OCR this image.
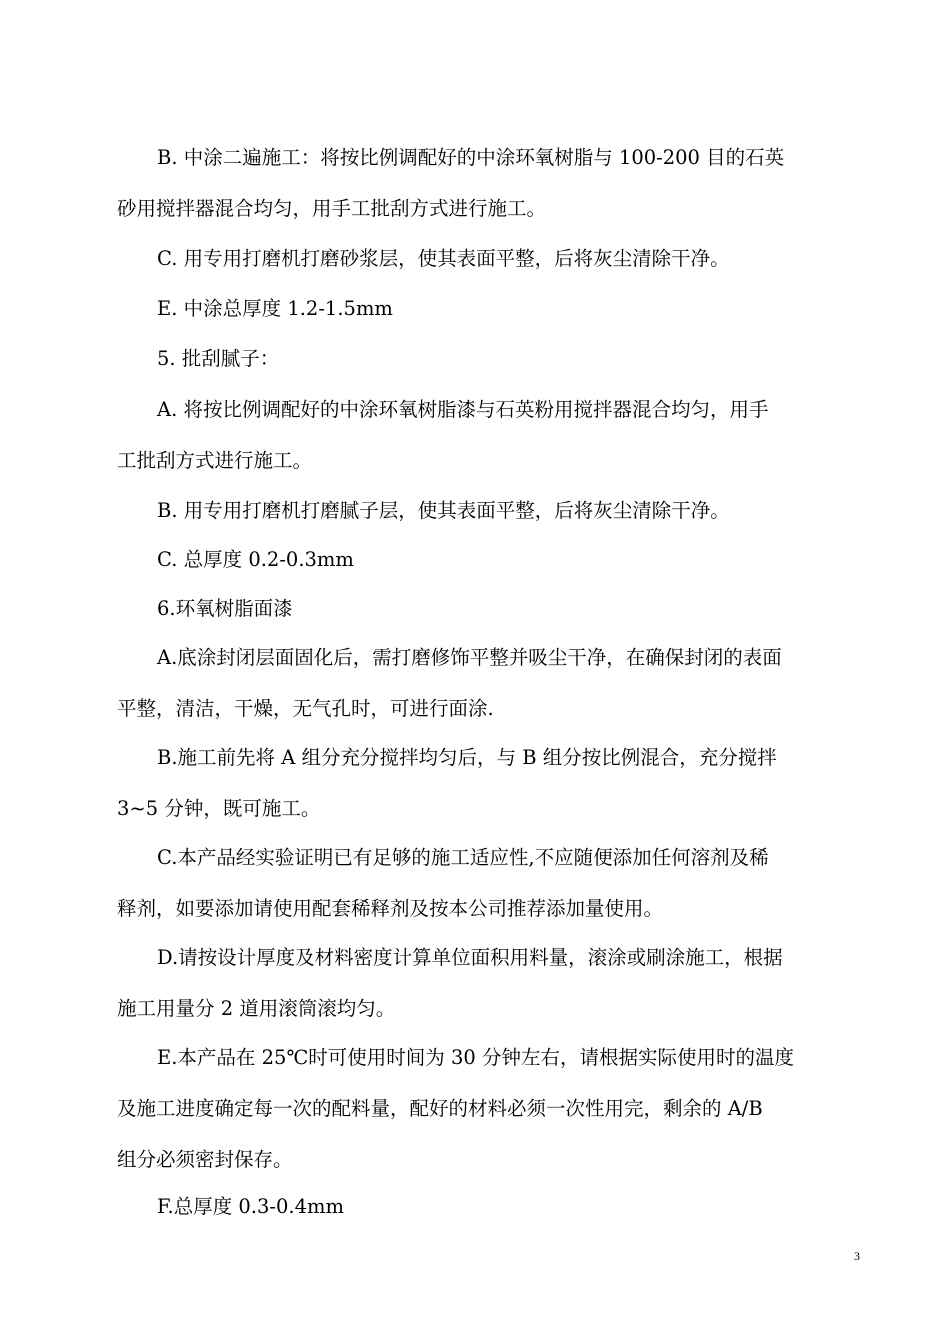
B. 中涂二遍施工：将按比例调配好的中涂环氧树脂与 100-200 目的石英
砂用搅拌器混合均匀，用手工批刮方式进行施工。
C. 用专用打磨机打磨砂浆层，使其表面平整，后将灰尘清除干净。
E. 中涂总厚度 1.2-1.5mm
5. 批刮腻子：
A. 将按比例调配好的中涂环氧树脂漆与石英粉用搅拌器混合均匀，用手
工批刮方式进行施工。
B. 用专用打磨机打磨腻子层，使其表面平整，后将灰尘清除干净。
C. 总厚度 0.2-0.3mm
6.环氧树脂面漆
A.底涂封闭层面固化后，需打磨修饰平整并吸尘干净，在确保封闭的表面
平整，清洁，干燥，无气孔时，可进行面涂.
B.施工前先将 A 组分充分搅拌均匀后，与 B 组分按比例混合，充分搅拌
3~5 分钟，既可施工。
C.本产品经实验证明已有足够的施工适应性,不应随便添加任何溶剂及稀
释剂，如要添加请使用配套稀释剂及按本公司推荐添加量使用。
D.请按设计厚度及材料密度计算单位面积用料量，滚涂或刷涂施工，根据
施工用量分 2 道用滚筒滚均匀。
E.本产品在 25℃时可使用时间为 30 分钟左右，请根据实际使用时的温度
及施工进度确定每一次的配料量，配好的材料必须一次性用完，剩余的 A/B
组分必须密封保存。
F.总厚度 0.3-0.4mm
3
